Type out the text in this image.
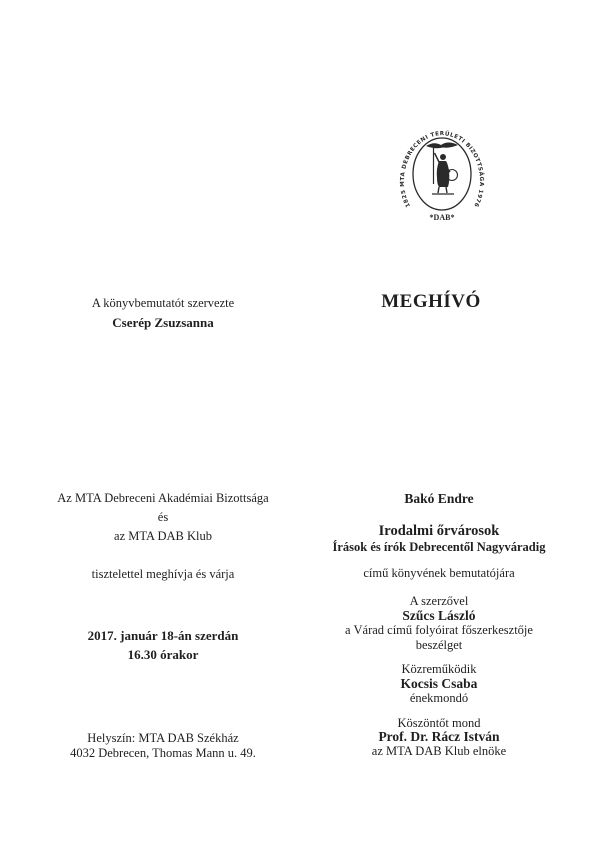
1825 MTA DEBRECENI TERÜLETI BIZOTTSÁGA 1976
*DAB*
MEGHÍVÓ
A könyvbemutatót szervezte
Cserép Zsuzsanna
Az MTA Debreceni Akadémiai Bizottsága
és
az MTA DAB Klub
tisztelettel meghívja és várja
2017. január 18-án szerdán
16.30 órakor
Helyszín: MTA DAB Székház
4032 Debrecen, Thomas Mann u. 49.
Bakó Endre
Irodalmi őrvárosok
Írások és írók Debrecentől Nagyváradig
című könyvének bemutatójára
A szerzővel
Szűcs László
a Várad című folyóirat főszerkesztője
beszélget
Közreműködik
Kocsis Csaba
énekmondó
Köszöntőt mond
Prof. Dr. Rácz István
az MTA DAB Klub elnöke
